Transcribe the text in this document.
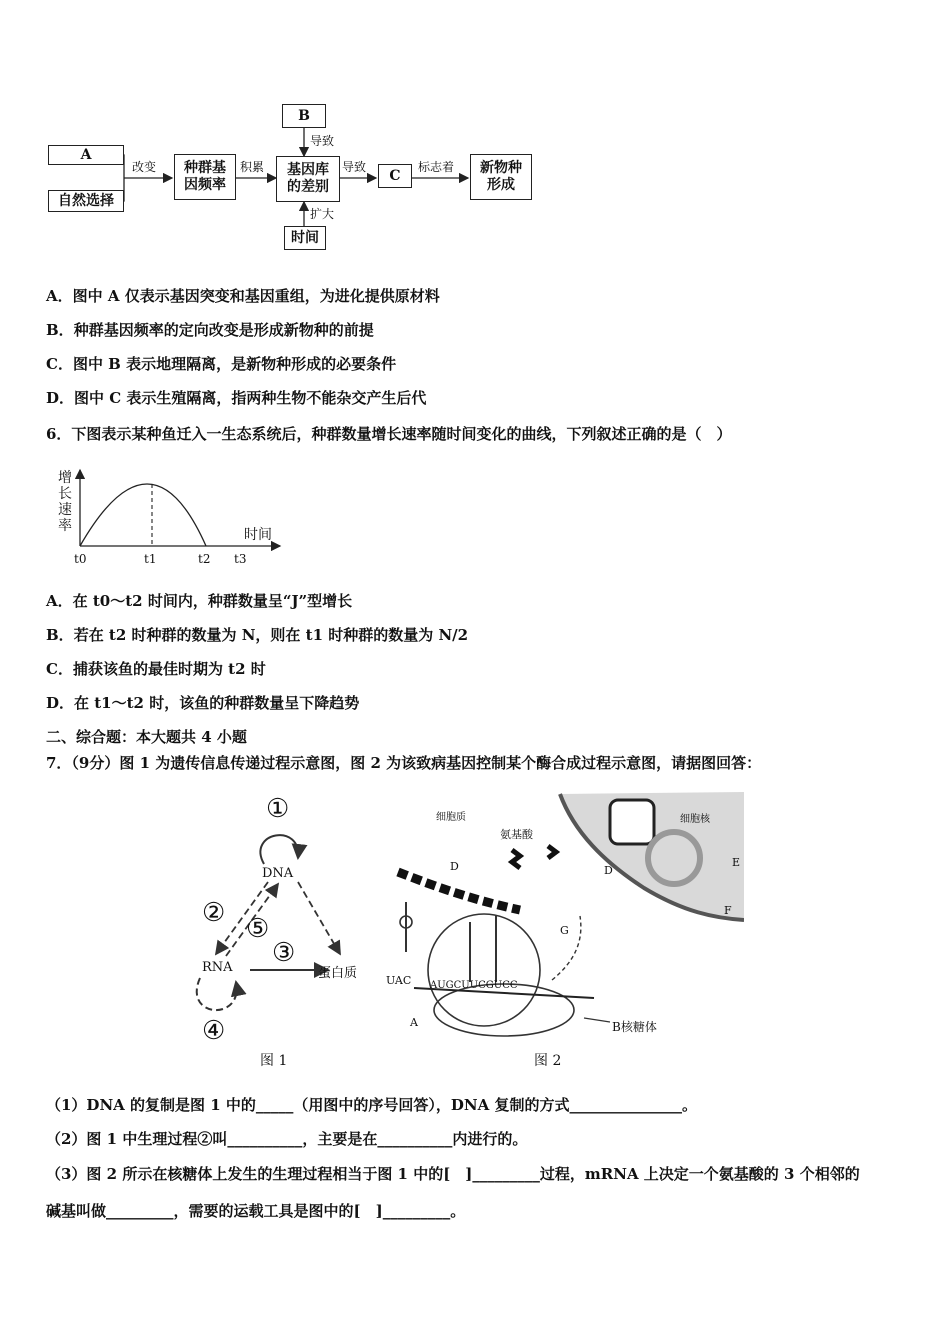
A
自然选择
改变 种群基
因频率
积累
B
导致
基因库
的差别
扩大
时间
导致
C
标志着 新物种
形成
A．图中 A 仅表示基因突变和基因重组，为进化提供原材料
B．种群基因频率的定向改变是形成新物种的前提
C．图中 B 表示地理隔离，是新物种形成的必要条件
D．图中 C 表示生殖隔离，指两种生物不能杂交产生后代
6．下图表示某种鱼迁入一生态系统后，种群数量增长速率随时间变化的曲线，下列叙述正确的是（　）
增长速率
时间
t0	t1	t2 t3
A．在 t0～t2 时间内，种群数量呈“J”型增长
B．若在 t2 时种群的数量为 N，则在 t1 时种群的数量为 N/2
C．捕获该鱼的最佳时期为 t2 时
D．在 t1～t2 时，该鱼的种群数量呈下降趋势
二、综合题：本大题共 4 小题
7．（9分）图 1 为遗传信息传递过程示意图，图 2 为该致病基因控制某个酶合成过程示意图，请据图回答：
①
DNA
②
⑤
③
RNA	蛋白质
④
图 1
细胞质
氨基酸
细胞核
D	D
E
F
G
UAC AUGCUUCGUCC
A	B核糖体
图 2
（1）DNA 的复制是图 1 中的_____（用图中的序号回答），DNA 复制的方式_______________。
（2）图 1 中生理过程②叫__________，主要是在__________内进行的。
（3）图 2 所示在核糖体上发生的生理过程相当于图 1 中的[　]_________过程，mRNA 上决定一个氨基酸的 3 个相邻的
碱基叫做_________，需要的运载工具是图中的[　]_________。
